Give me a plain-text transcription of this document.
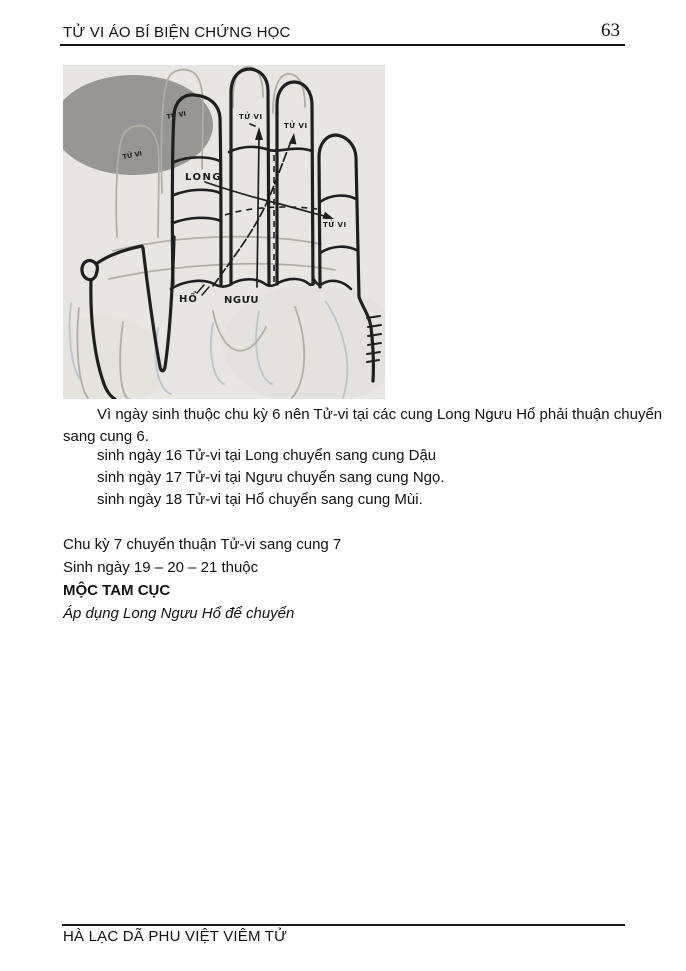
TỬ VI ÁO BÍ BIỆN CHỨNG HỌC	63
TỬ VI
TỬ VI
LONG
TỬ VI
TỬ VI
TỬ VI
HỔ	NGƯU
Vì ngày sinh thuộc chu kỳ 6 nên Tử-vi tại các cung Long Ngưu Hổ phải thuận chuyển
sang cung 6.
sinh ngày 16 Tử-vi tại Long chuyển sang cung Dậu
sinh ngày 17 Tử-vi tại Ngưu chuyển sang cung Ngọ.
sinh ngày 18 Tử-vi tại Hổ chuyển sang cung Mùi.
Chu kỳ 7 chuyển thuận Tử-vi sang cung 7
Sinh ngày 19 – 20 – 21 thuộc
MỘC TAM CỤC
Áp dụng Long Ngưu Hổ để chuyển
HÀ LẠC DÃ PHU VIỆT VIÊM TỬ
